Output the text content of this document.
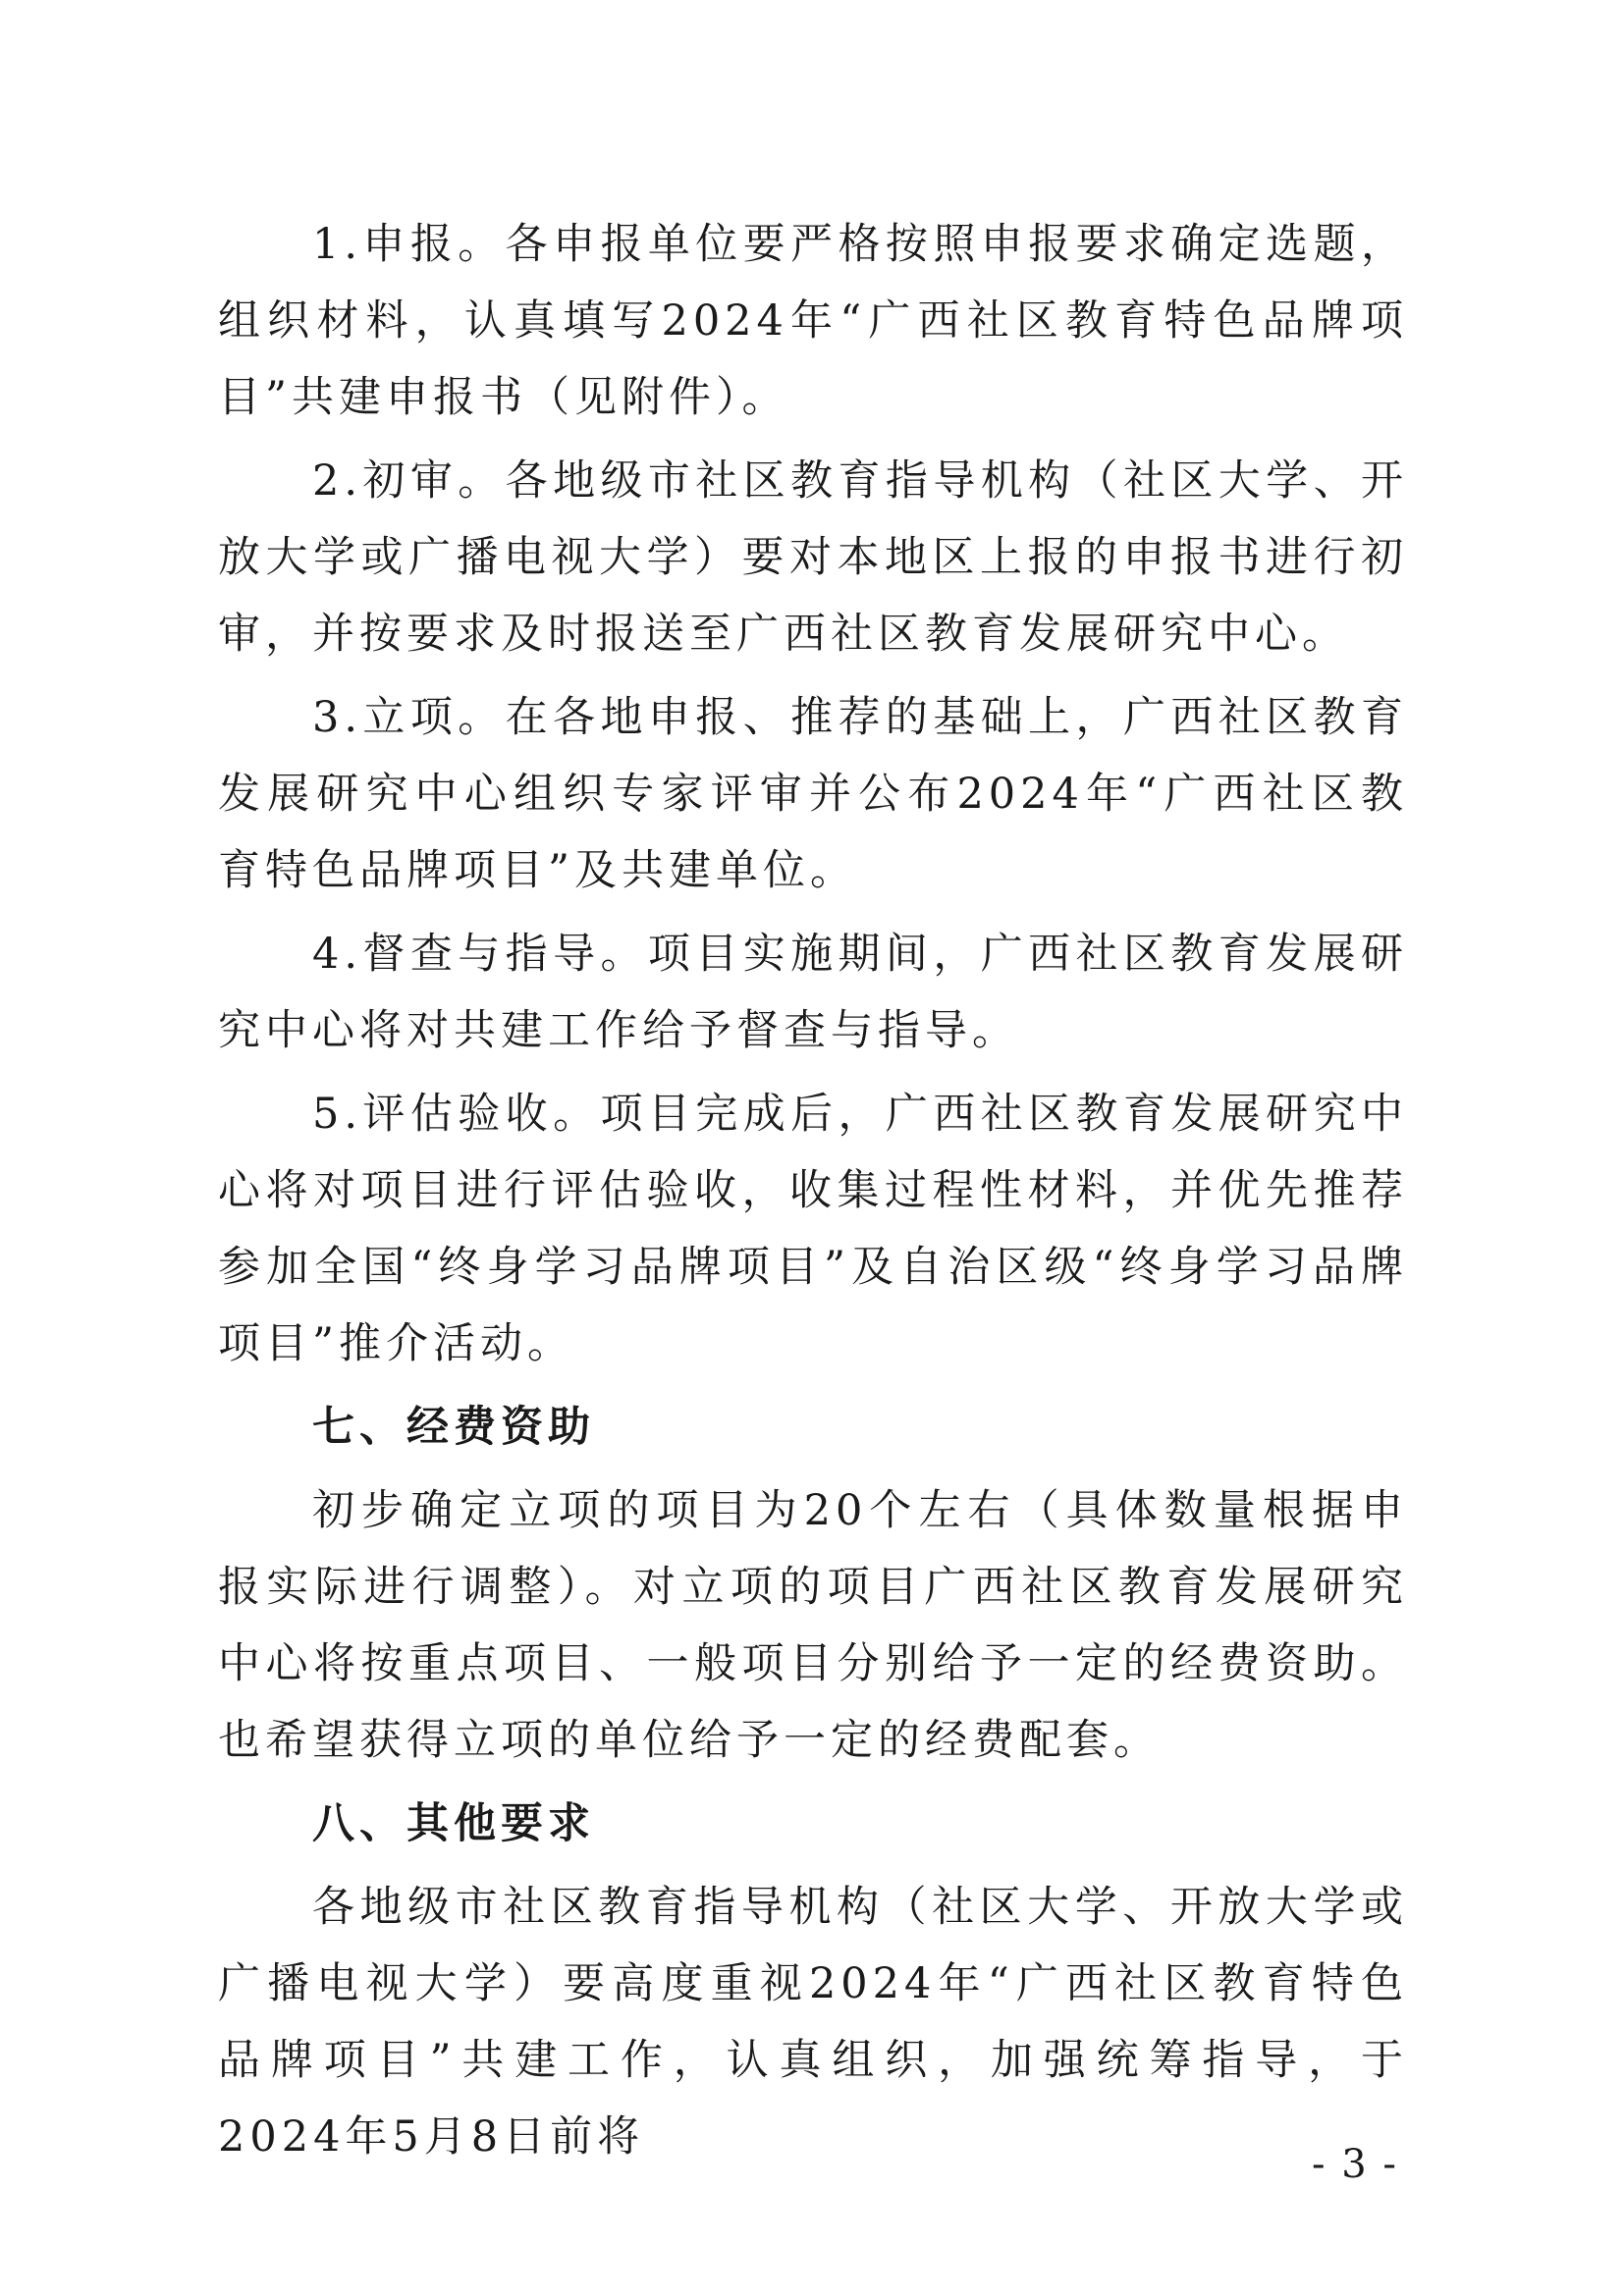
1.申报。各申报单位要严格按照申报要求确定选题，组织材料，认真填写2024年“广西社区教育特色品牌项目”共建申报书（见附件）。

2.初审。各地级市社区教育指导机构（社区大学、开放大学或广播电视大学）要对本地区上报的申报书进行初审，并按要求及时报送至广西社区教育发展研究中心。

3.立项。在各地申报、推荐的基础上，广西社区教育发展研究中心组织专家评审并公布2024年“广西社区教育特色品牌项目”及共建单位。

4.督查与指导。项目实施期间，广西社区教育发展研究中心将对共建工作给予督查与指导。

5.评估验收。项目完成后，广西社区教育发展研究中心将对项目进行评估验收，收集过程性材料，并优先推荐参加全国“终身学习品牌项目”及自治区级“终身学习品牌项目”推介活动。

七、经费资助

初步确定立项的项目为20个左右（具体数量根据申报实际进行调整）。对立项的项目广西社区教育发展研究中心将按重点项目、一般项目分别给予一定的经费资助。也希望获得立项的单位给予一定的经费配套。

八、其他要求

各地级市社区教育指导机构（社区大学、开放大学或广播电视大学）要高度重视2024年“广西社区教育特色品牌项目”共建工作，认真组织，加强统筹指导，于2024年5月8日前将

- 3 -
